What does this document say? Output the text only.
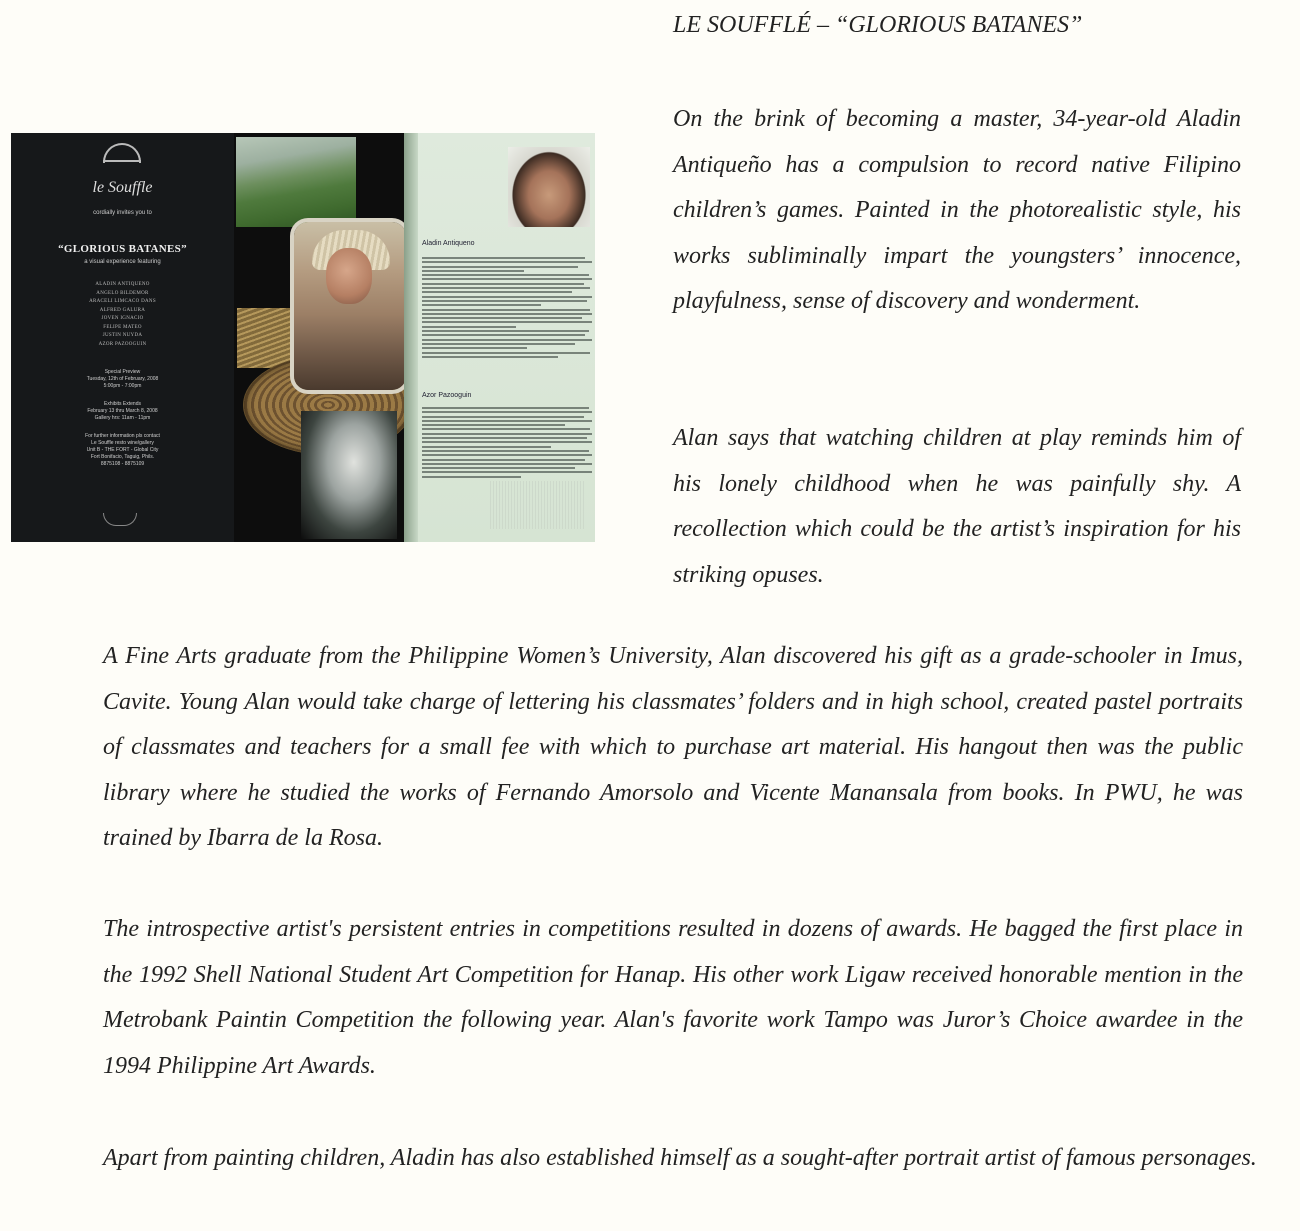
LE SOUFFLÉ – “GLORIOUS BATANES”
le Souffle
cordially invites you to
“GLORIOUS BATANES”
a visual experience featuring
ALADIN ANTIQUENO
ANGELO BILDEMOR
ARACELI LIMCACO DANS
ALFRED GALURA
JOVEN IGNACIO
FELIPE MATEO
JUSTIN NUYDA
AZOR PAZOOGUIN
Special Preview
Tuesday, 12th of February, 2008
5:00pm - 7:00pm
Exhibits Extends
February 13 thru March 8, 2008
Gallery hrs: 11am - 11pm
For further information pls contact
Le Souffle resto wine/gallery
Unit B - THE FORT - Global City
Fort Bonifacio, Taguig, Phils.
8875108 - 8875109
Aladin Antiqueno
Azor Pazooguin
On the brink of becoming a master, 34-year-old Aladin Antiqueño has a compulsion to record native Filipino children’s games. Painted in the photorealistic style, his works subliminally impart the youngsters’ innocence, playfulness, sense of discovery and wonderment.
Alan says that watching children at play reminds him of his lonely childhood when he was painfully shy. A recollection which could be the artist’s inspiration for his striking opuses.
A Fine Arts graduate from the Philippine Women’s University, Alan discovered his gift as a grade-schooler in Imus, Cavite. Young Alan would take charge of lettering his classmates’ folders and in high school, created pastel portraits of classmates and teachers for a small fee with which to purchase art material. His hangout then was the public library where he studied the works of Fernando Amorsolo and Vicente Manansala from books. In PWU, he was trained by Ibarra de la Rosa.
The introspective artist's persistent entries in competitions resulted in dozens of awards. He bagged the first place in the 1992 Shell National Student Art Competition for Hanap. His other work Ligaw received honorable mention in the Metrobank Paintin Competition the following year. Alan's favorite work Tampo was Juror’s Choice awardee in the 1994 Philippine Art Awards.
Apart from painting children, Aladin has also established himself as a sought-after portrait artist of famous personages.
